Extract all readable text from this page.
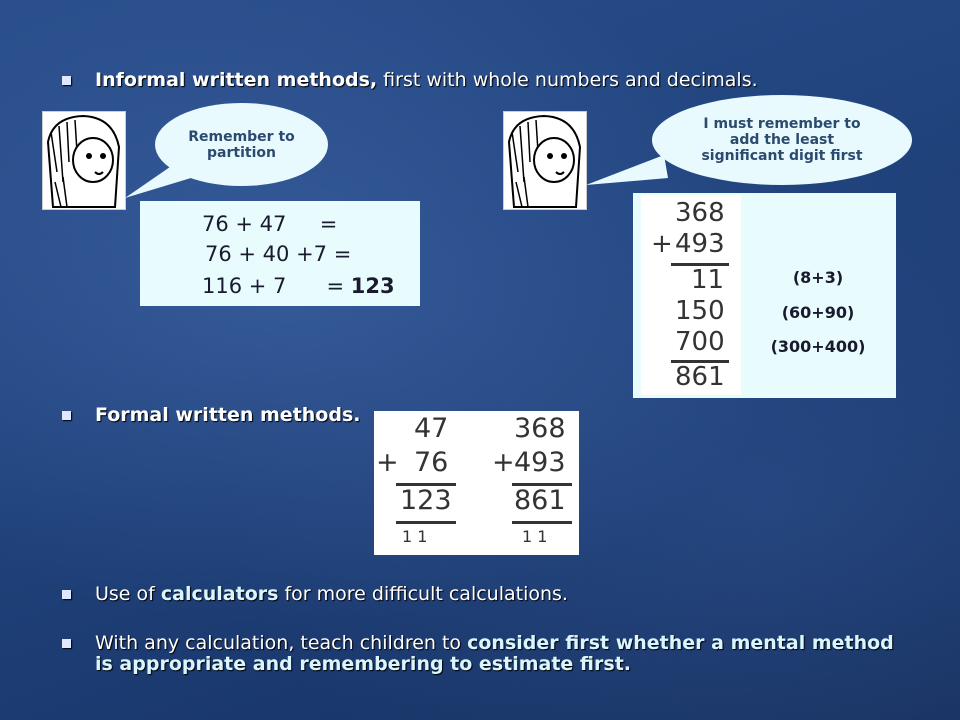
Informal written methods, first with whole numbers and decimals.
Remember to partition
I must remember to add the least significant digit first
76 + 47     =
76 + 40 +7 =
116 + 7      = 123
368
+ 493
11
150
700
861
(8+3)
(60+90)
(300+400)
Formal written methods. 47
+ 76
123
1 1
368
+ 493
861
1 1
Use of calculators for more difficult calculations.
With any calculation, teach children to consider first whether a mental method is appropriate and remembering to estimate first.
